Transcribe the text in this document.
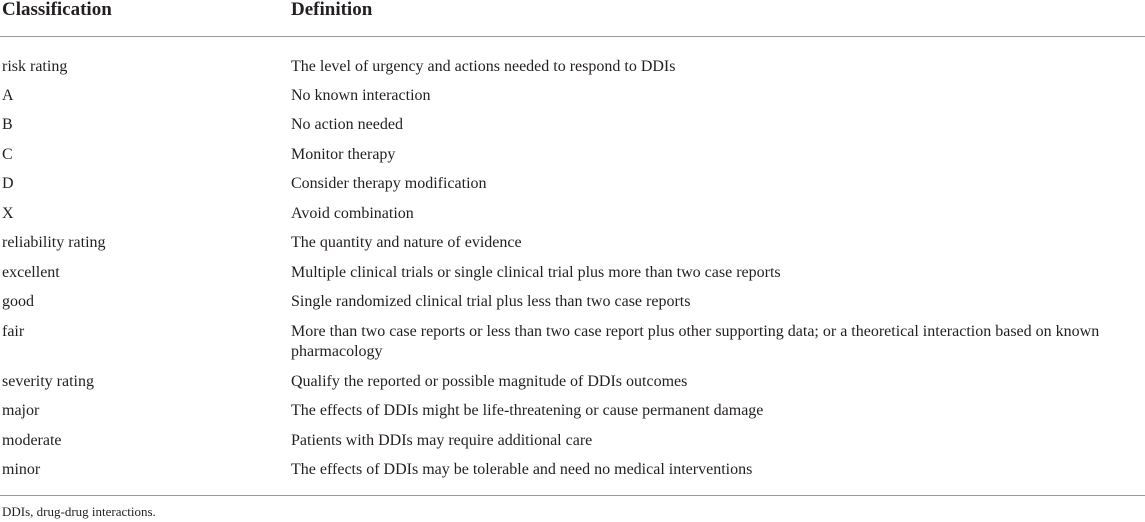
Classification	Definition
risk rating	The level of urgency and actions needed to respond to DDIs
A	No known interaction
B	No action needed
C	Monitor therapy
D	Consider therapy modification
X	Avoid combination
reliability rating	The quantity and nature of evidence
excellent	Multiple clinical trials or single clinical trial plus more than two case reports
good	Single randomized clinical trial plus less than two case reports
fair	More than two case reports or less than two case report plus other supporting data; or a theoretical interaction based on known pharmacology
severity rating	Qualify the reported or possible magnitude of DDIs outcomes
major	The effects of DDIs might be life-threatening or cause permanent damage
moderate	Patients with DDIs may require additional care
minor	The effects of DDIs may be tolerable and need no medical interventions
DDIs, drug-drug interactions.
